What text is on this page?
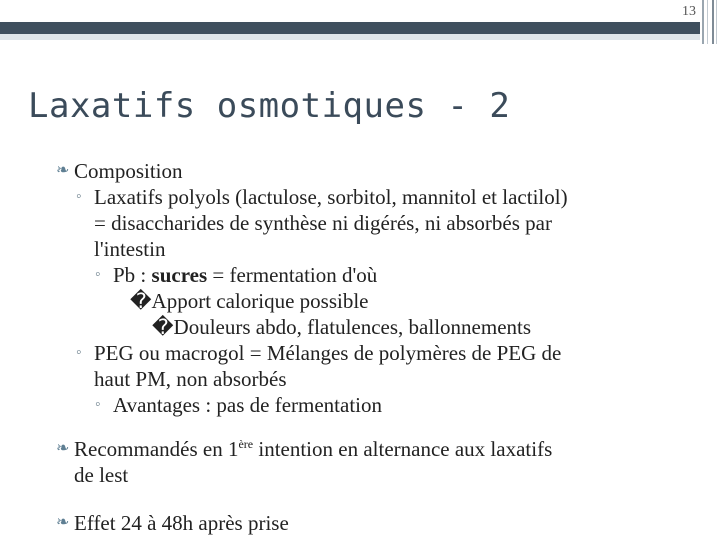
13
Laxatifs osmotiques - 2

❧ Composition

◦ Laxatifs polyols (lactulose, sorbitol, mannitol et lactilol)

= disaccharides de synthèse ni digérés, ni absorbés par

l'intestin

◦ Pb : sucres = fermentation d'où

�Apport calorique possible

�Douleurs abdo, flatulences, ballonnements

◦ PEG ou macrogol = Mélanges de polymères de PEG de

haut PM, non absorbés

◦ Avantages : pas de fermentation

❧ Recommandés en 1ère intention en alternance aux laxatifs

de lest

❧ Effet 24 à 48h après prise
